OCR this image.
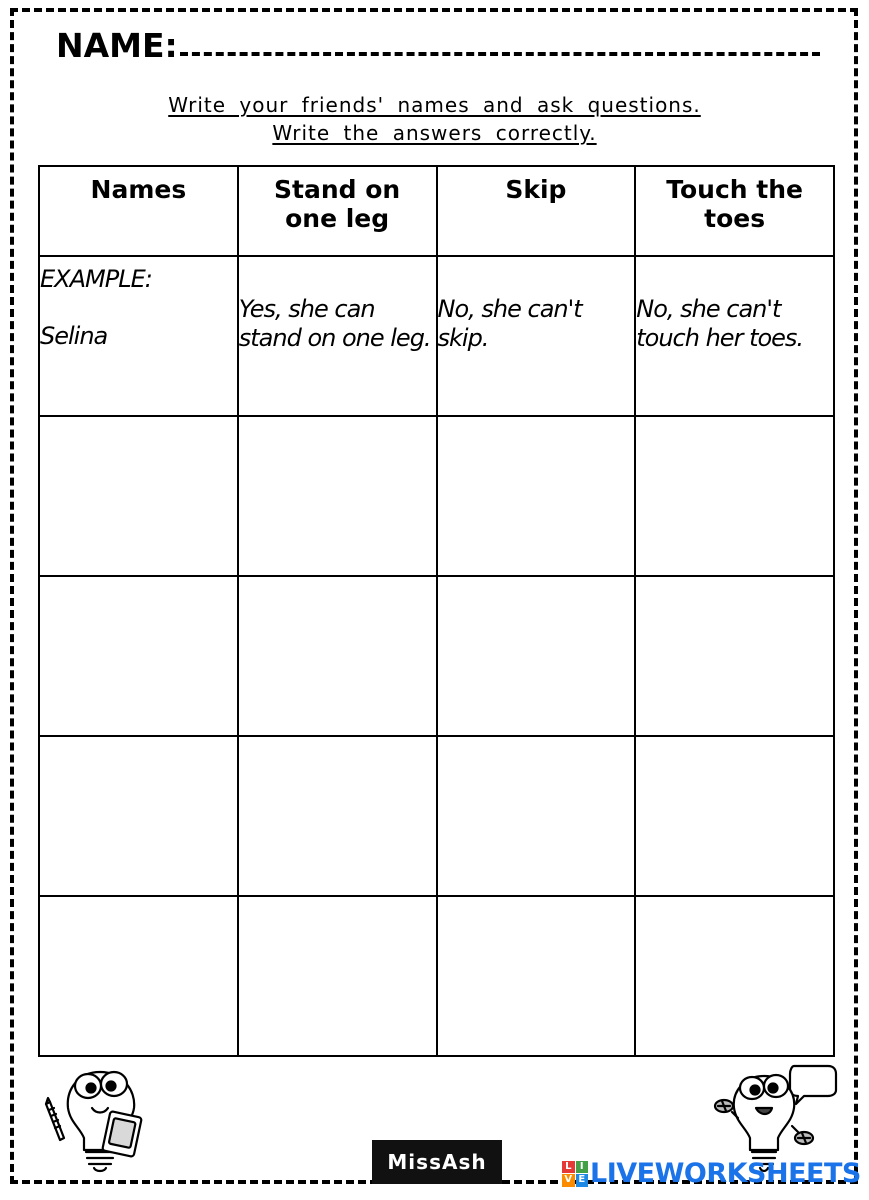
NAME:
Write your friends' names and ask questions.
Write the answers correctly.
Names	Stand on one leg	Skip	Touch the toes

EXAMPLE:
Selina	Yes, she can stand on one leg.	No, she can't skip.	No, she can't touch her toes.

MissAsh	L I
V E LIVEWORKSHEETS
